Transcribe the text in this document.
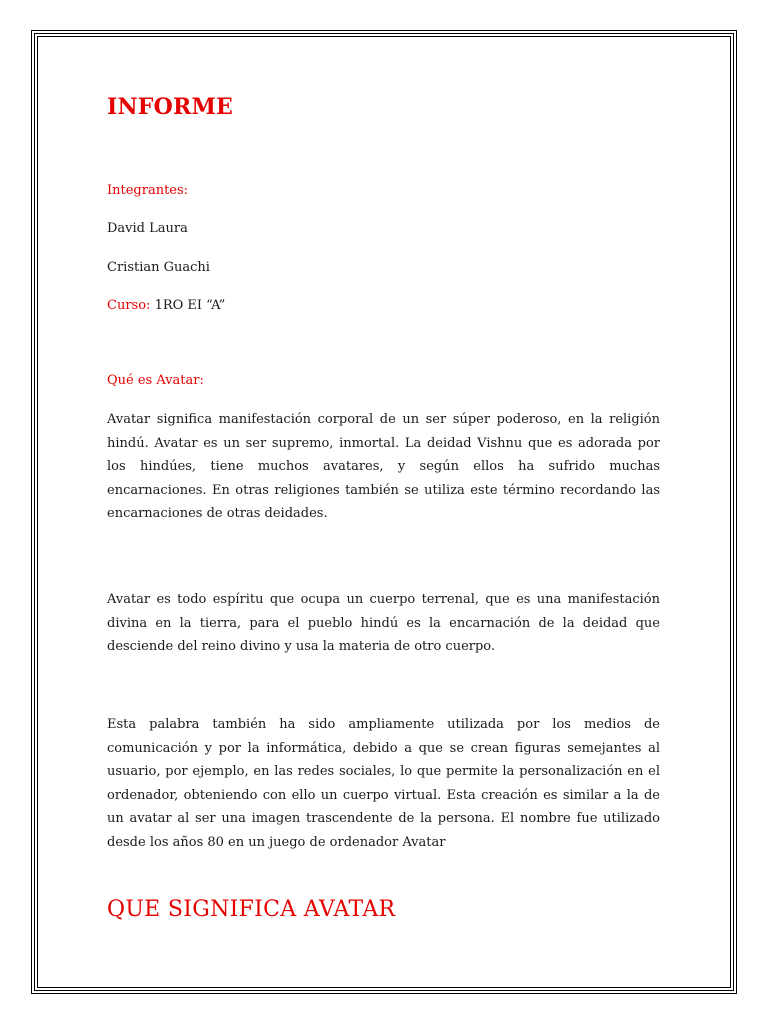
INFORME

Integrantes:

David Laura

Cristian Guachi

Curso: 1RO EI “A”

Qué es Avatar:

Avatar significa manifestación corporal de un ser súper poderoso, en la religión hindú. Avatar es un ser supremo, inmortal. La deidad Vishnu que es adorada por los hindúes, tiene muchos avatares, y según ellos ha sufrido muchas encarnaciones. En otras religiones también se utiliza este término recordando las encarnaciones de otras deidades.

Avatar es todo espíritu que ocupa un cuerpo terrenal, que es una manifestación divina en la tierra, para el pueblo hindú es la encarnación de la deidad que desciende del reino divino y usa la materia de otro cuerpo.

Esta palabra también ha sido ampliamente utilizada por los medios de comunicación y por la informática, debido a que se crean figuras semejantes al usuario, por ejemplo, en las redes sociales, lo que permite la personalización en el ordenador, obteniendo con ello un cuerpo virtual. Esta creación es similar a la de un avatar al ser una imagen trascendente de la persona. El nombre fue utilizado desde los años 80 en un juego de ordenador Avatar

QUE SIGNIFICA AVATAR
